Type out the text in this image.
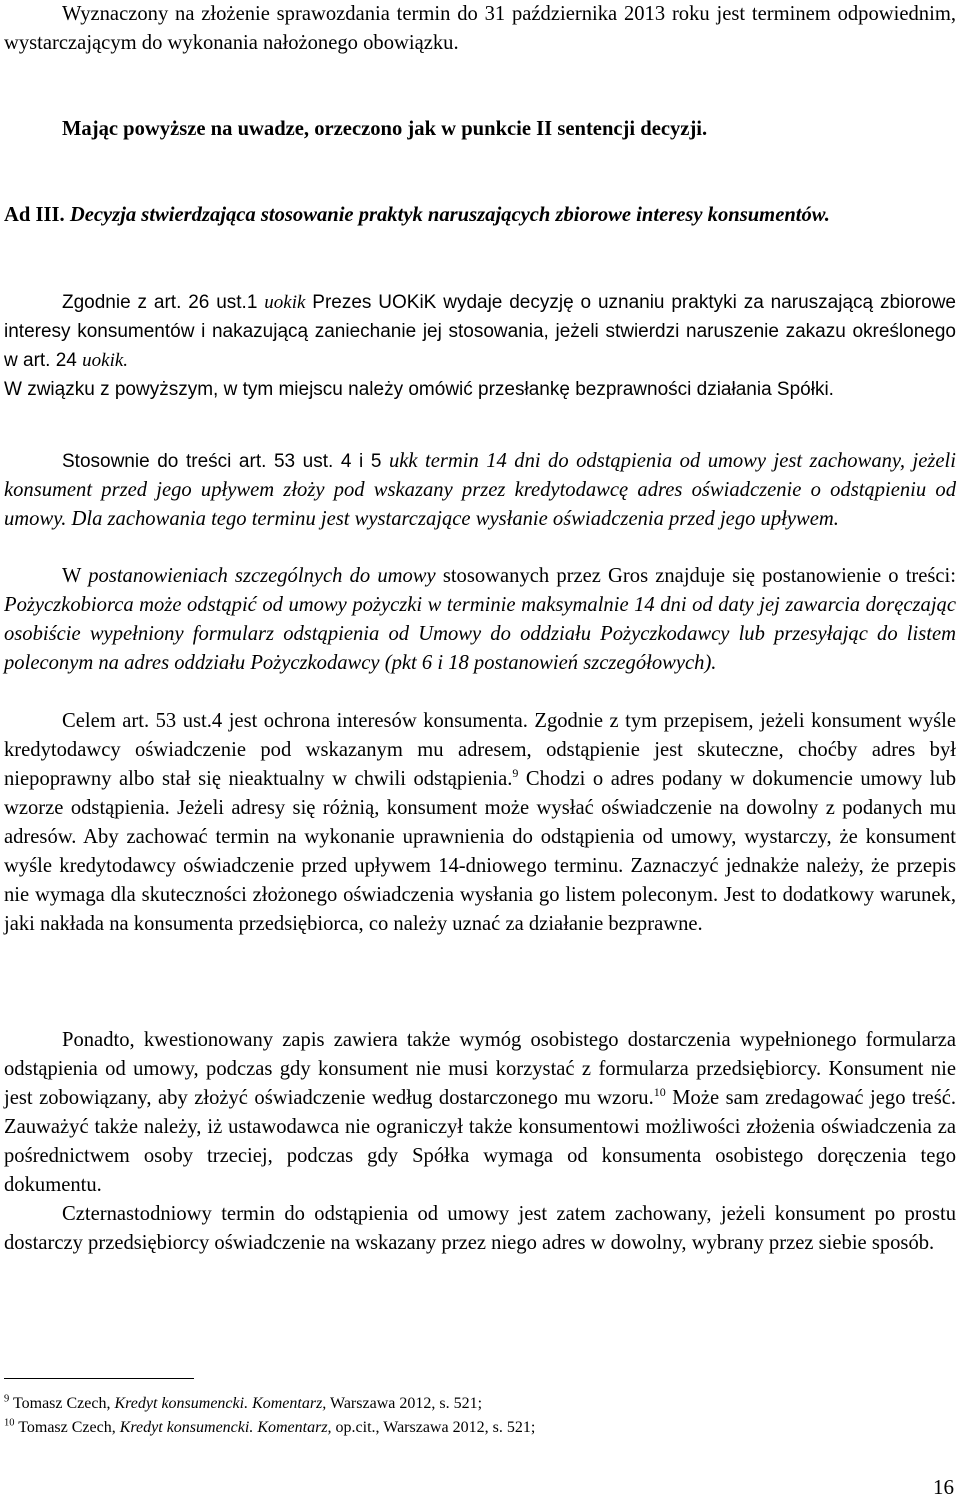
Wyznaczony na złożenie sprawozdania termin do 31 października 2013 roku jest terminem odpowiednim, wystarczającym do wykonania nałożonego obowiązku.
Mając powyższe na uwadze, orzeczono jak w punkcie II sentencji decyzji.
Ad III. Decyzja stwierdzająca stosowanie praktyk naruszających zbiorowe interesy konsumentów.
Zgodnie z art. 26 ust.1 uokik Prezes UOKiK wydaje decyzję o uznaniu praktyki za naruszającą zbiorowe interesy konsumentów i nakazującą zaniechanie jej stosowania, jeżeli stwierdzi naruszenie zakazu określonego w art. 24 uokik.
W związku z powyższym, w tym miejscu należy omówić przesłankę bezprawności działania Spółki.
Stosownie do treści art. 53 ust. 4 i 5 ukk termin 14 dni do odstąpienia od umowy jest zachowany, jeżeli konsument przed jego upływem złoży pod wskazany przez kredytodawcę adres oświadczenie o odstąpieniu od umowy. Dla zachowania tego terminu jest wystarczające wysłanie oświadczenia przed jego upływem.
W postanowieniach szczególnych do umowy stosowanych przez Gros znajduje się postanowienie o treści: Pożyczkobiorca może odstąpić od umowy pożyczki w terminie maksymalnie 14 dni od daty jej zawarcia doręczając osobiście wypełniony formularz odstąpienia od Umowy do oddziału Pożyczkodawcy lub przesyłając do listem poleconym na adres oddziału Pożyczkodawcy (pkt 6 i 18 postanowień szczegółowych).
Celem art. 53 ust.4 jest ochrona interesów konsumenta. Zgodnie z tym przepisem, jeżeli konsument wyśle kredytodawcy oświadczenie pod wskazanym mu adresem, odstąpienie jest skuteczne, choćby adres był niepoprawny albo stał się nieaktualny w chwili odstąpienia.$^9$ Chodzi o adres podany w dokumencie umowy lub wzorze odstąpienia. Jeżeli adresy się różnią, konsument może wysłać oświadczenie na dowolny z podanych mu adresów. Aby zachować termin na wykonanie uprawnienia do odstąpienia od umowy, wystarczy, że konsument wyśle kredytodawcy oświadczenie przed upływem 14-dniowego terminu. Zaznaczyć jednakże należy, że przepis nie wymaga dla skuteczności złożonego oświadczenia wysłania go listem poleconym. Jest to dodatkowy warunek, jaki nakłada na konsumenta przedsiębiorca, co należy uznać za działanie bezprawne.
Ponadto, kwestionowany zapis zawiera także wymóg osobistego dostarczenia wypełnionego formularza odstąpienia od umowy, podczas gdy konsument nie musi korzystać z formularza przedsiębiorcy. Konsument nie jest zobowiązany, aby złożyć oświadczenie według dostarczonego mu wzoru.$^{10}$ Może sam zredagować jego treść. Zauważyć także należy, iż ustawodawca nie ograniczył także konsumentowi możliwości złożenia oświadczenia za pośrednictwem osoby trzeciej, podczas gdy Spółka wymaga od konsumenta osobistego doręczenia tego dokumentu.
Czternastodniowy termin do odstąpienia od umowy jest zatem zachowany, jeżeli konsument po prostu dostarczy przedsiębiorcy oświadczenie na wskazany przez niego adres w dowolny, wybrany przez siebie sposób.
$^9$ Tomasz Czech, Kredyt konsumencki. Komentarz, Warszawa 2012, s. 521;
$^{10}$ Tomasz Czech, Kredyt konsumencki. Komentarz, op.cit., Warszawa 2012, s. 521;
16
